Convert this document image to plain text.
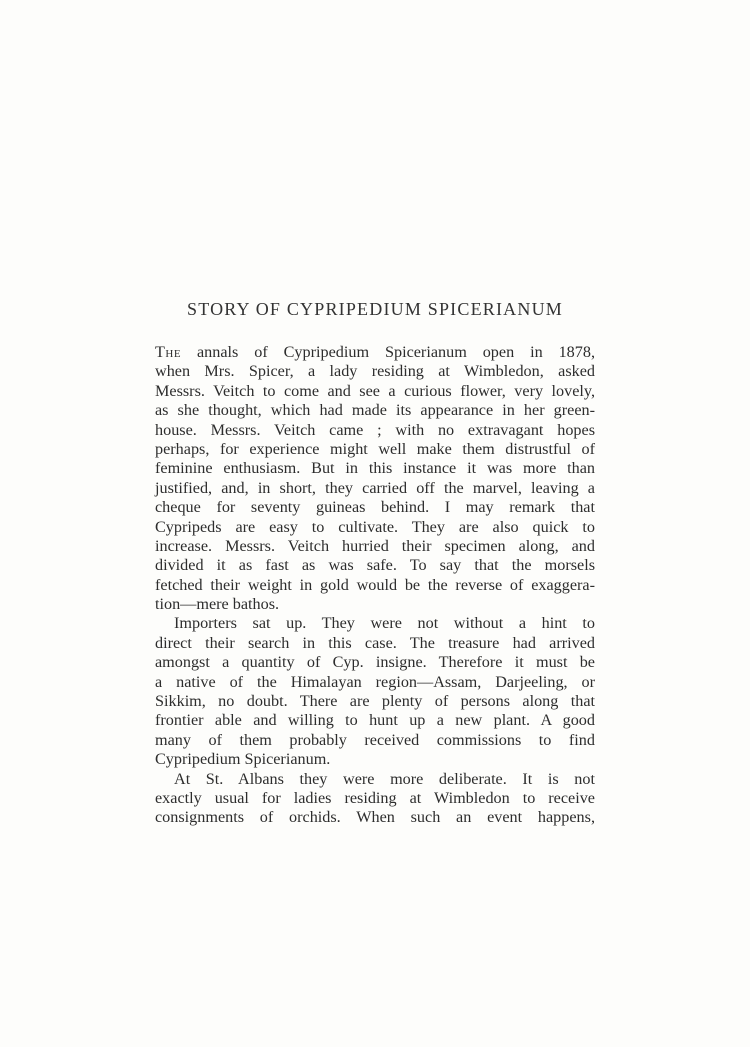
STORY OF CYPRIPEDIUM SPICERIANUM
The annals of Cypripedium Spicerianum open in 1878,
when Mrs. Spicer, a lady residing at Wimbledon, asked
Messrs. Veitch to come and see a curious flower, very lovely,
as she thought, which had made its appearance in her green-
house. Messrs. Veitch came ; with no extravagant hopes
perhaps, for experience might well make them distrustful of
feminine enthusiasm. But in this instance it was more than
justified, and, in short, they carried off the marvel, leaving a
cheque for seventy guineas behind. I may remark that
Cypripeds are easy to cultivate. They are also quick to
increase. Messrs. Veitch hurried their specimen along, and
divided it as fast as was safe. To say that the morsels
fetched their weight in gold would be the reverse of exaggera-
tion—mere bathos.
Importers sat up. They were not without a hint to
direct their search in this case. The treasure had arrived
amongst a quantity of Cyp. insigne. Therefore it must be
a native of the Himalayan region—Assam, Darjeeling, or
Sikkim, no doubt. There are plenty of persons along that
frontier able and willing to hunt up a new plant. A good
many of them probably received commissions to find
Cypripedium Spicerianum.
At St. Albans they were more deliberate. It is not
exactly usual for ladies residing at Wimbledon to receive
consignments of orchids. When such an event happens,
